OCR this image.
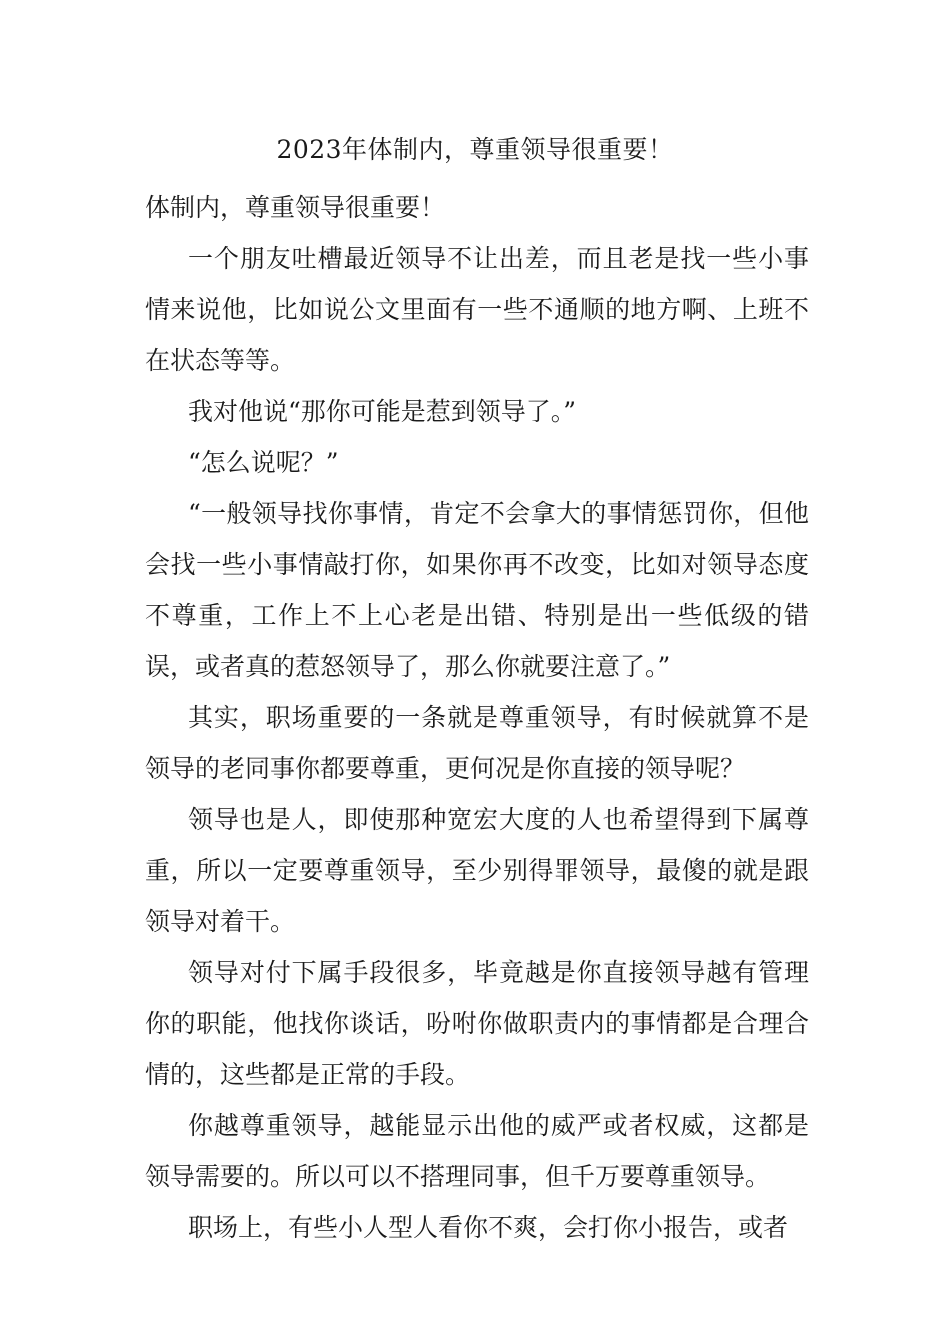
2023年体制内，尊重领导很重要！

体制内，尊重领导很重要！

一个朋友吐槽最近领导不让出差，而且老是找一些小事情来说他，比如说公文里面有一些不通顺的地方啊、上班不在状态等等。

我对他说“那你可能是惹到领导了。”

“怎么说呢？”

“一般领导找你事情，肯定不会拿大的事情惩罚你，但他会找一些小事情敲打你，如果你再不改变，比如对领导态度不尊重，工作上不上心老是出错、特别是出一些低级的错误，或者真的惹怒领导了，那么你就要注意了。”

其实，职场重要的一条就是尊重领导，有时候就算不是领导的老同事你都要尊重，更何况是你直接的领导呢？

领导也是人，即使那种宽宏大度的人也希望得到下属尊重，所以一定要尊重领导，至少别得罪领导，最傻的就是跟领导对着干。

领导对付下属手段很多，毕竟越是你直接领导越有管理你的职能，他找你谈话，吩咐你做职责内的事情都是合理合情的，这些都是正常的手段。

你越尊重领导，越能显示出他的威严或者权威，这都是领导需要的。所以可以不搭理同事，但千万要尊重领导。

职场上，有些小人型人看你不爽，会打你小报告，或者
